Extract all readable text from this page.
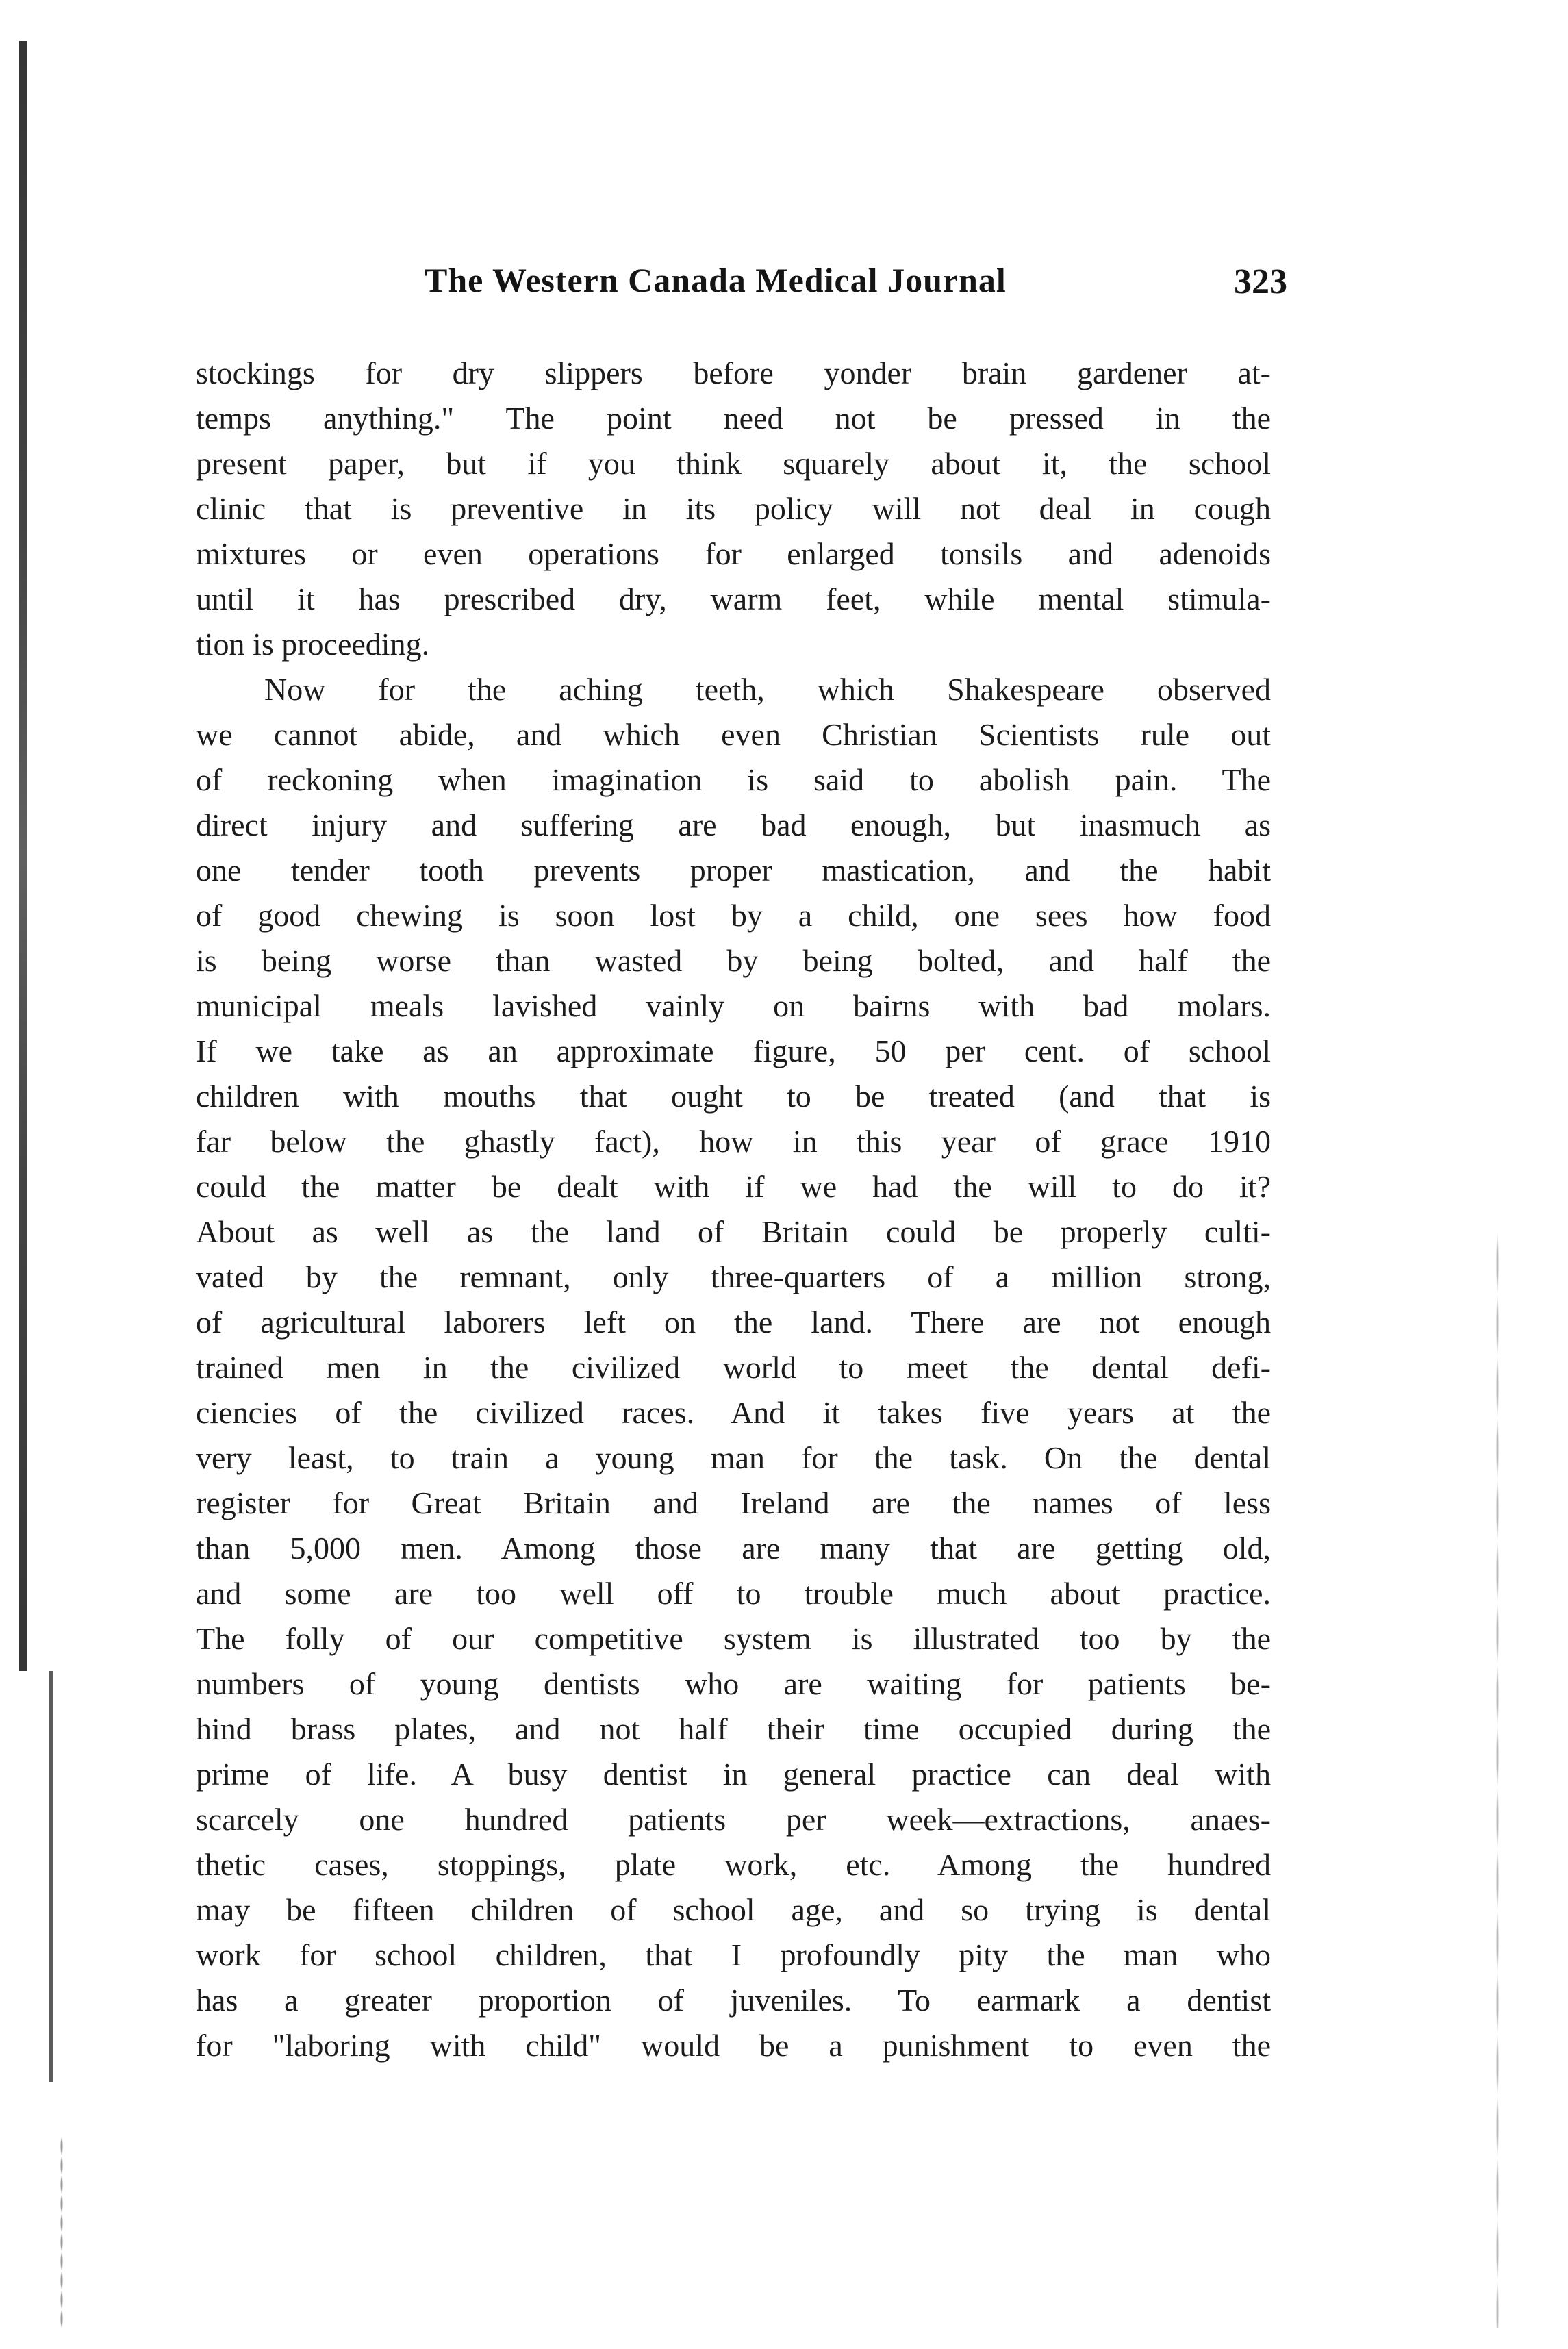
The Western Canada Medical Journal	323
stockings for dry slippers before yonder brain gardener at-
temps anything." The point need not be pressed in the
present paper, but if you think squarely about it, the school
clinic that is preventive in its policy will not deal in cough
mixtures or even operations for enlarged tonsils and adenoids
until it has prescribed dry, warm feet, while mental stimula-
tion is proceeding.
Now for the aching teeth, which Shakespeare observed
we cannot abide, and which even Christian Scientists rule out
of reckoning when imagination is said to abolish pain. The
direct injury and suffering are bad enough, but inasmuch as
one tender tooth prevents proper mastication, and the habit
of good chewing is soon lost by a child, one sees how food
is being worse than wasted by being bolted, and half the
municipal meals lavished vainly on bairns with bad molars.
If we take as an approximate figure, 50 per cent. of school
children with mouths that ought to be treated (and that is
far below the ghastly fact), how in this year of grace 1910
could the matter be dealt with if we had the will to do it?
About as well as the land of Britain could be properly culti-
vated by the remnant, only three-quarters of a million strong,
of agricultural laborers left on the land. There are not enough
trained men in the civilized world to meet the dental defi-
ciencies of the civilized races. And it takes five years at the
very least, to train a young man for the task. On the dental
register for Great Britain and Ireland are the names of less
than 5,000 men. Among those are many that are getting old,
and some are too well off to trouble much about practice.
The folly of our competitive system is illustrated too by the
numbers of young dentists who are waiting for patients be-
hind brass plates, and not half their time occupied during the
prime of life. A busy dentist in general practice can deal with
scarcely one hundred patients per week—extractions, anaes-
thetic cases, stoppings, plate work, etc. Among the hundred
may be fifteen children of school age, and so trying is dental
work for school children, that I profoundly pity the man who
has a greater proportion of juveniles. To earmark a dentist
for "laboring with child" would be a punishment to even the
